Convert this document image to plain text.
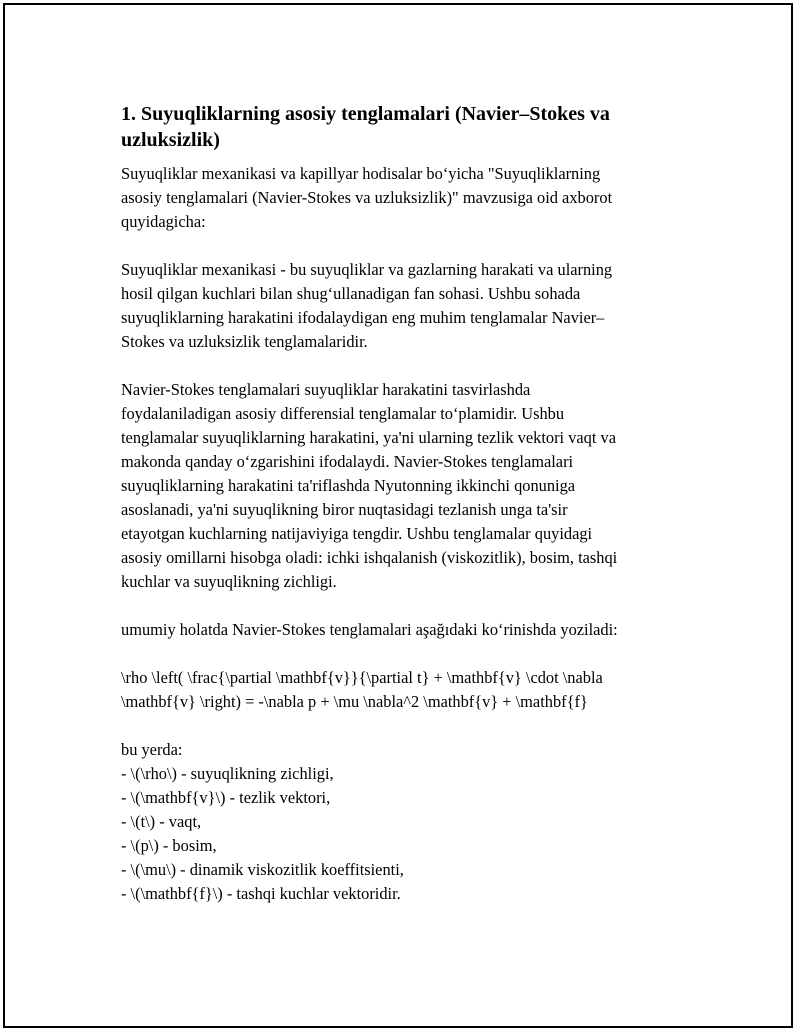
1. Suyuqliklarning asosiy tenglamalari (Navier–Stokes va
uzluksizlik)

Suyuqliklar mexanikasi va kapillyar hodisalar bo‘yicha "Suyuqliklarning
asosiy tenglamalari (Navier-Stokes va uzluksizlik)" mavzusiga oid axborot
quyidagicha:

Suyuqliklar mexanikasi - bu suyuqliklar va gazlarning harakati va ularning
hosil qilgan kuchlari bilan shug‘ullanadigan fan sohasi. Ushbu sohada
suyuqliklarning harakatini ifodalaydigan eng muhim tenglamalar Navier–
Stokes va uzluksizlik tenglamalaridir.

Navier-Stokes tenglamalari suyuqliklar harakatini tasvirlashda
foydalaniladigan asosiy differensial tenglamalar to‘plamidir. Ushbu
tenglamalar suyuqliklarning harakatini, ya'ni ularning tezlik vektori vaqt va
makonda qanday o‘zgarishini ifodalaydi. Navier-Stokes tenglamalari
suyuqliklarning harakatini ta'riflashda Nyutonning ikkinchi qonuniga
asoslanadi, ya'ni suyuqlikning biror nuqtasidagi tezlanish unga ta'sir
etayotgan kuchlarning natijaviyiga tengdir. Ushbu tenglamalar quyidagi
asosiy omillarni hisobga oladi: ichki ishqalanish (viskozitlik), bosim, tashqi
kuchlar va suyuqlikning zichligi.

umumiy holatda Navier-Stokes tenglamalari aşağıdaki ko‘rinishda yoziladi:

\rho \left( \frac{\partial \mathbf{v}}{\partial t} + \mathbf{v} \cdot \nabla
\mathbf{v} \right) = -\nabla p + \mu \nabla^2 \mathbf{v} + \mathbf{f}

bu yerda:

- \(\rho\) - suyuqlikning zichligi,
- \(\mathbf{v}\) - tezlik vektori,
- \(t\) - vaqt,
- \(p\) - bosim,
- \(\mu\) - dinamik viskozitlik koeffitsienti,
- \(\mathbf{f}\) - tashqi kuchlar vektoridir.
